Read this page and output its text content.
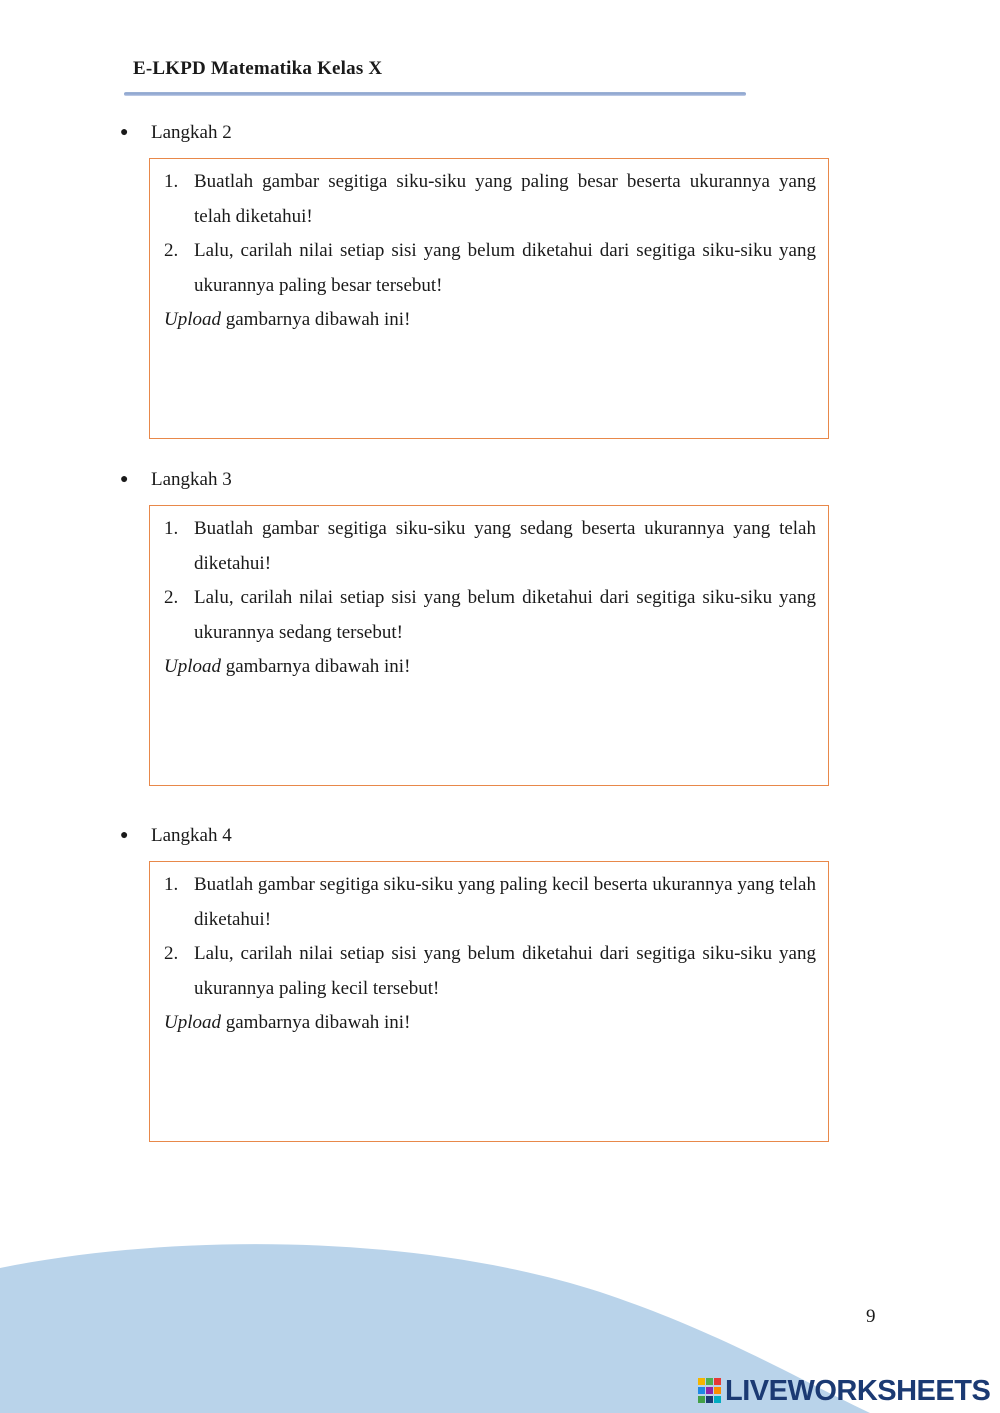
E-LKPD Matematika Kelas X
● Langkah 2
1. Buatlah gambar segitiga siku-siku yang paling besar beserta ukurannya yang telah diketahui!
2. Lalu, carilah nilai setiap sisi yang belum diketahui dari segitiga siku-siku yang ukurannya paling besar tersebut!
Upload gambarnya dibawah ini!
● Langkah 3
1. Buatlah gambar segitiga siku-siku yang sedang beserta ukurannya yang telah diketahui!
2. Lalu, carilah nilai setiap sisi yang belum diketahui dari segitiga siku-siku yang ukurannya sedang tersebut!
Upload gambarnya dibawah ini!
● Langkah 4
1. Buatlah gambar segitiga siku-siku yang paling kecil beserta ukurannya yang telah diketahui!
2. Lalu, carilah nilai setiap sisi yang belum diketahui dari segitiga siku-siku yang ukurannya paling kecil tersebut!
Upload gambarnya dibawah ini!
9
LIVEWORKSHEETS
